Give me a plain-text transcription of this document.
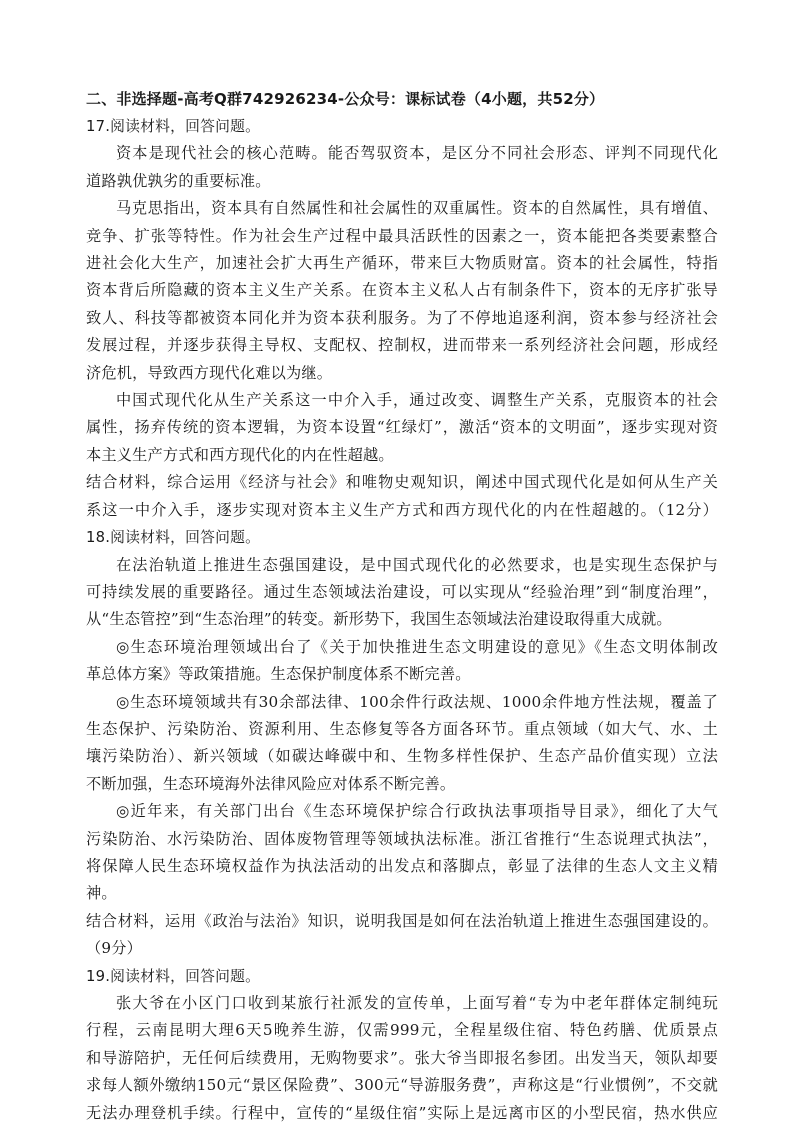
二、非选择题-高考Q群742926234-公众号：课标试卷（4小题，共52分）
17.阅读材料，回答问题。
资本是现代社会的核心范畴。能否驾驭资本，是区分不同社会形态、评判不同现代化
道路孰优孰劣的重要标准。
马克思指出，资本具有自然属性和社会属性的双重属性。资本的自然属性，具有增值、
竞争、扩张等特性。作为社会生产过程中最具活跃性的因素之一，资本能把各类要素整合
进社会化大生产，加速社会扩大再生产循环，带来巨大物质财富。资本的社会属性，特指
资本背后所隐藏的资本主义生产关系。在资本主义私人占有制条件下，资本的无序扩张导
致人、科技等都被资本同化并为资本获利服务。为了不停地追逐利润，资本参与经济社会
发展过程，并逐步获得主导权、支配权、控制权，进而带来一系列经济社会问题，形成经
济危机，导致西方现代化难以为继。
中国式现代化从生产关系这一中介入手，通过改变、调整生产关系，克服资本的社会
属性，扬弃传统的资本逻辑，为资本设置“红绿灯”，激活“资本的文明面”，逐步实现对资
本主义生产方式和西方现代化的内在性超越。
结合材料，综合运用《经济与社会》和唯物史观知识，阐述中国式现代化是如何从生产关
系这一中介入手，逐步实现对资本主义生产方式和西方现代化的内在性超越的。（12分）
18.阅读材料，回答问题。
在法治轨道上推进生态强国建设，是中国式现代化的必然要求，也是实现生态保护与
可持续发展的重要路径。通过生态领域法治建设，可以实现从“经验治理”到“制度治理”，
从“生态管控”到“生态治理”的转变。新形势下，我国生态领域法治建设取得重大成就。
◎生态环境治理领域出台了《关于加快推进生态文明建设的意见》《生态文明体制改
革总体方案》等政策措施。生态保护制度体系不断完善。
◎生态环境领域共有30余部法律、100余件行政法规、1000余件地方性法规，覆盖了
生态保护、污染防治、资源利用、生态修复等各方面各环节。重点领域（如大气、水、土
壤污染防治）、新兴领域（如碳达峰碳中和、生物多样性保护、生态产品价值实现）立法
不断加强，生态环境海外法律风险应对体系不断完善。
◎近年来，有关部门出台《生态环境保护综合行政执法事项指导目录》，细化了大气
污染防治、水污染防治、固体废物管理等领域执法标准。浙江省推行“生态说理式执法”，
将保障人民生态环境权益作为执法活动的出发点和落脚点，彰显了法律的生态人文主义精
神。
结合材料，运用《政治与法治》知识，说明我国是如何在法治轨道上推进生态强国建设的。
（9分）
19.阅读材料，回答问题。
张大爷在小区门口收到某旅行社派发的宣传单，上面写着“专为中老年群体定制纯玩
行程，云南昆明大理6天5晚养生游，仅需999元，全程星级住宿、特色药膳、优质景点
和导游陪护，无任何后续费用，无购物要求”。张大爷当即报名参团。出发当天，领队却要
求每人额外缴纳150元“景区保险费”、300元“导游服务费”，声称这是“行业惯例”，不交就
无法办理登机手续。行程中，宣传的“星级住宿”实际上是远离市区的小型民宿，热水供应
